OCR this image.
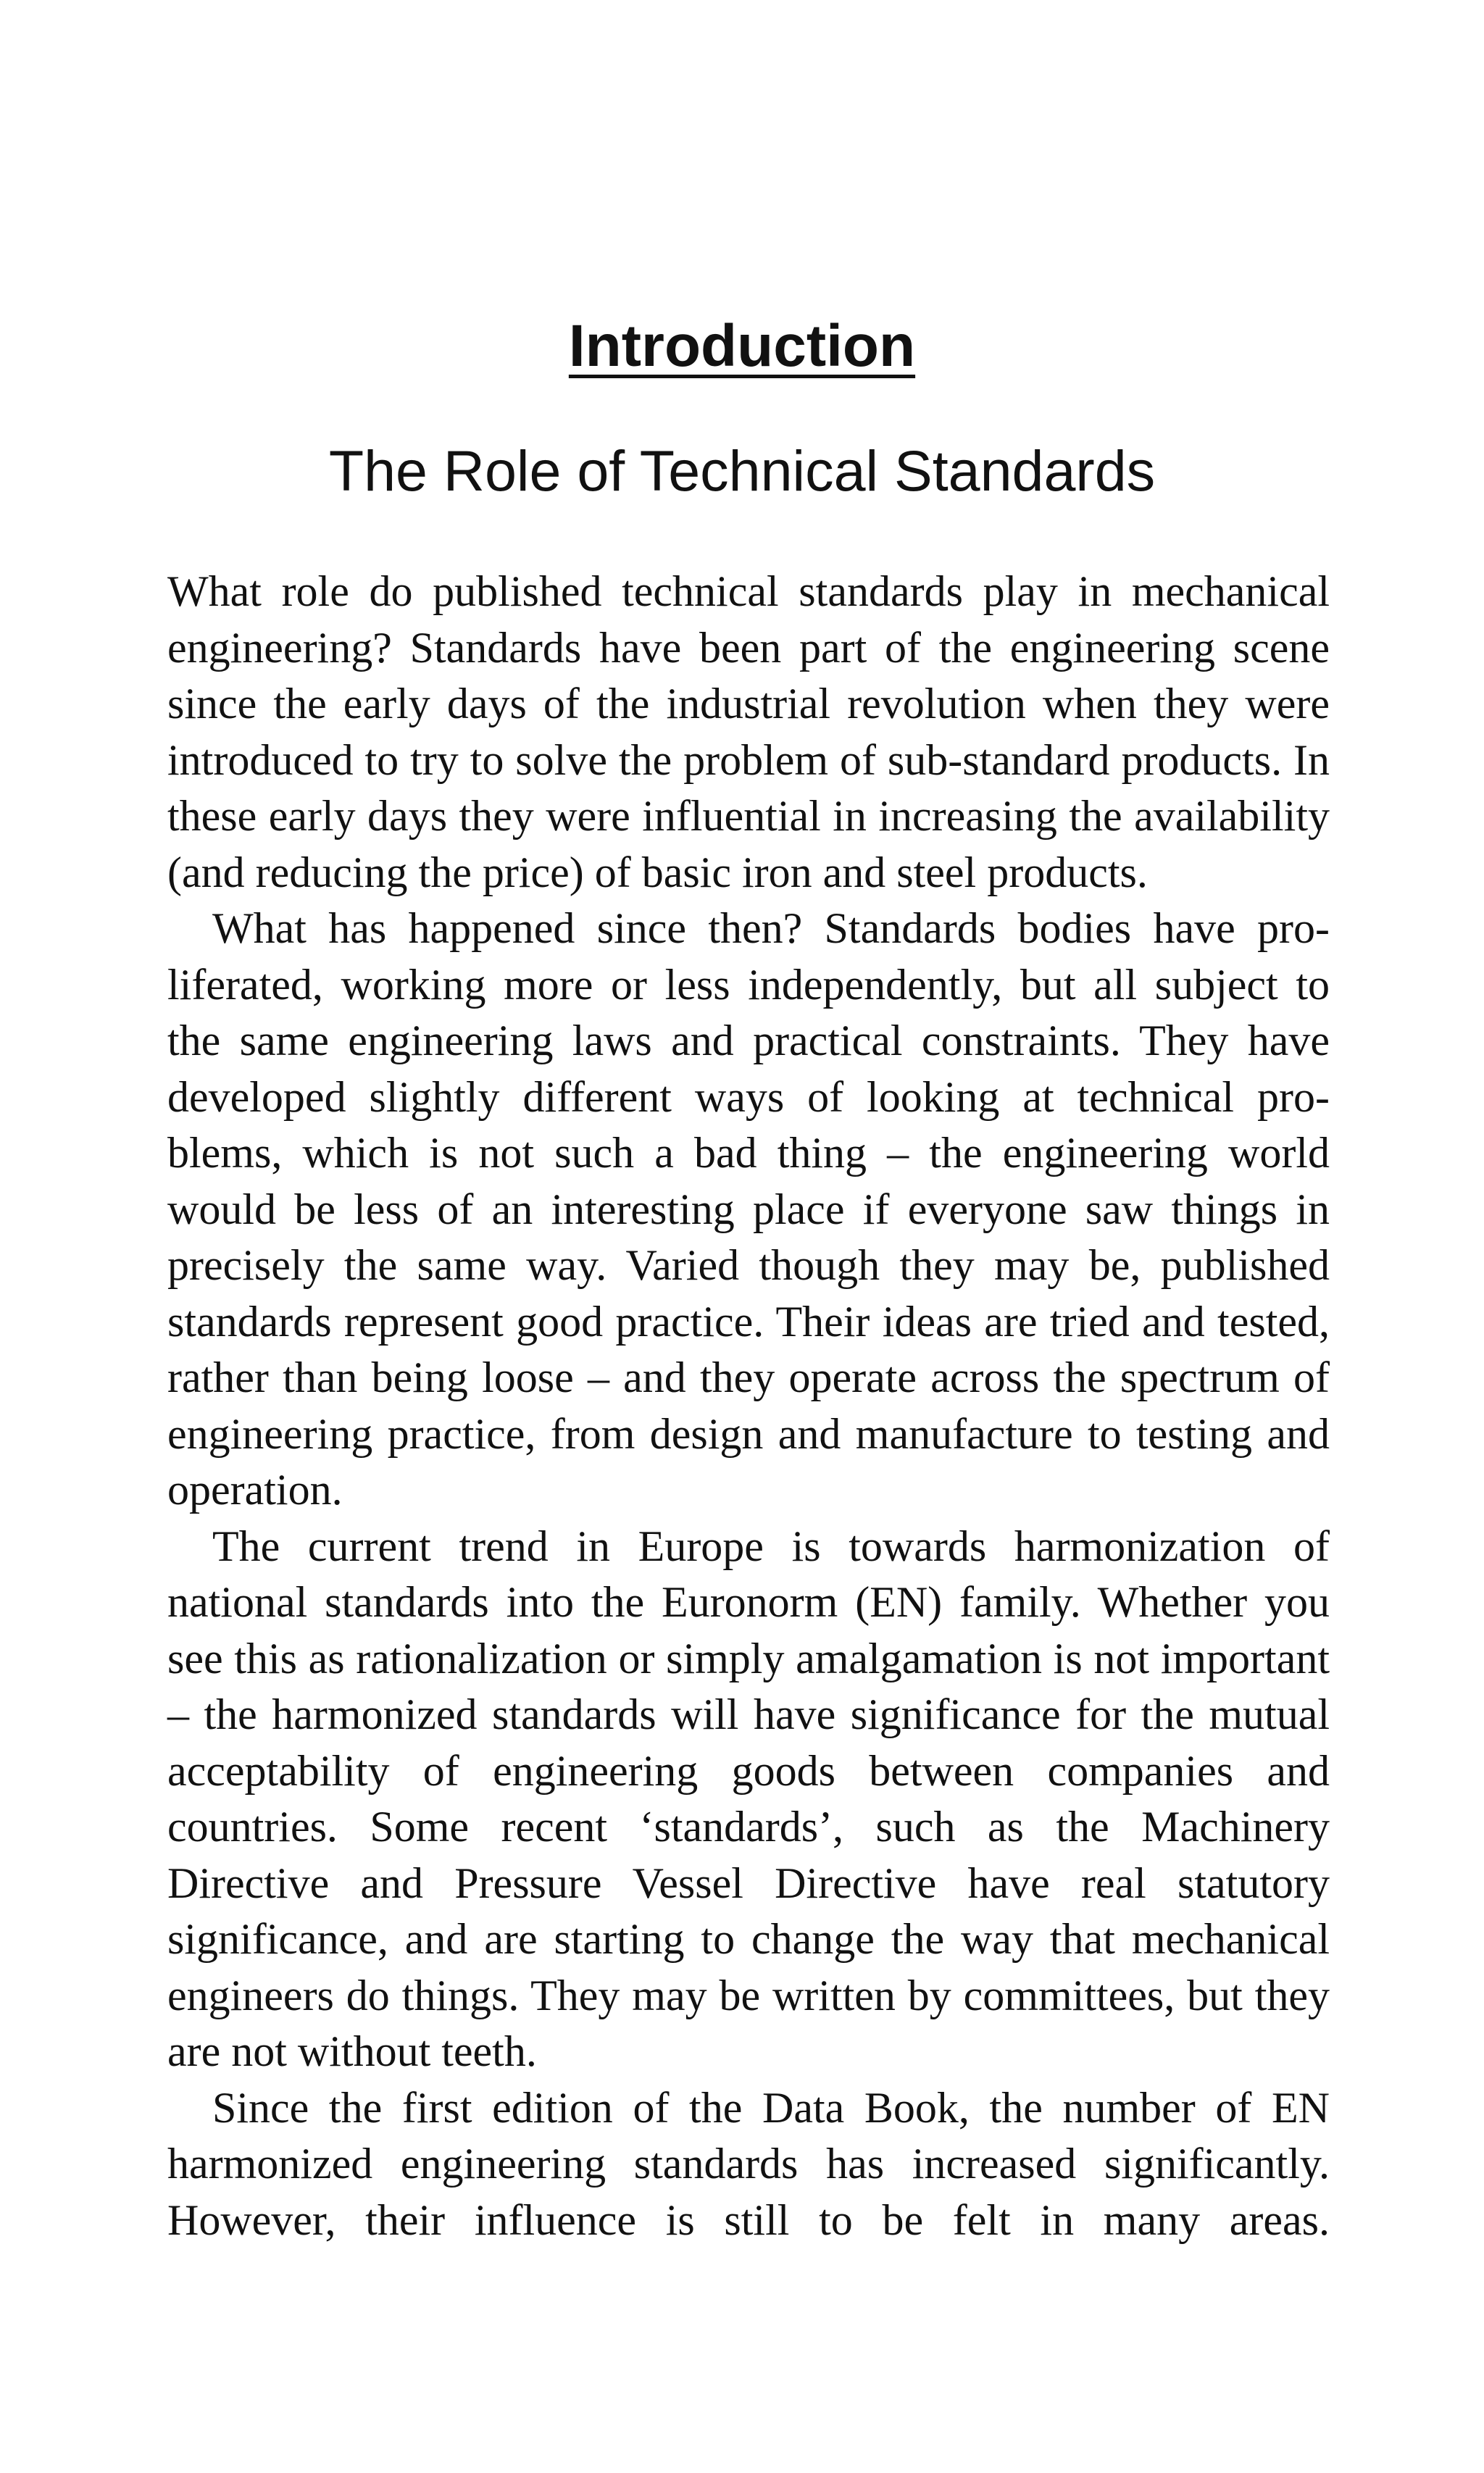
Introduction
The Role of Technical Standards

What role do published technical standards play in mechanical engineering? Standards have been part of the engineering scene since the early days of the industrial revolution when they were introduced to try to solve the problem of sub-standard products. In these early days they were influential in increasing the availability (and reducing the price) of basic iron and steel products.

What has happened since then? Standards bodies have proliferated, working more or less independently, but all subject to the same engineering laws and practical constraints. They have developed slightly different ways of looking at technical problems, which is not such a bad thing – the engineering world would be less of an interesting place if everyone saw things in precisely the same way. Varied though they may be, published standards represent good practice. Their ideas are tried and tested, rather than being loose – and they operate across the spectrum of engineering practice, from design and manufacture to testing and operation.

The current trend in Europe is towards harmonization of national standards into the Euronorm (EN) family. Whether you see this as rationalization or simply amalgamation is not important – the harmonized standards will have significance for the mutual acceptability of engineering goods between companies and countries. Some recent ‘standards’, such as the Machinery Directive and Pressure Vessel Directive have real statutory significance, and are starting to change the way that mechanical engineers do things. They may be written by committees, but they are not without teeth.

Since the first edition of the Data Book, the number of EN harmonized engineering standards has increased significantly. However, their influence is still to be felt in many areas.
